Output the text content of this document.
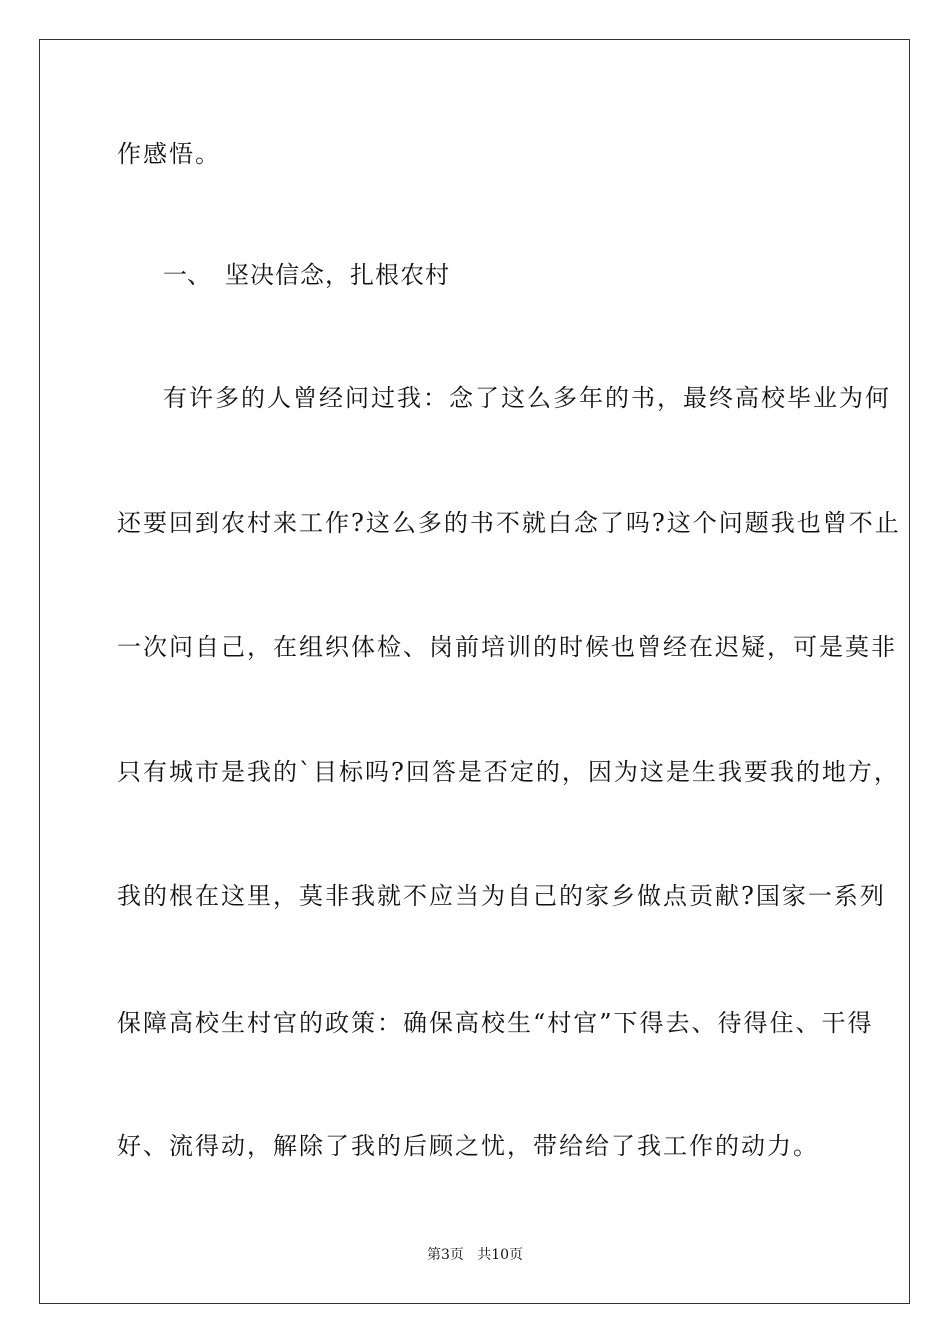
作感悟。
一、 坚决信念，扎根农村
有许多的人曾经问过我：念了这么多年的书，最终高校毕业为何
还要回到农村来工作?这么多的书不就白念了吗?这个问题我也曾不止
一次问自己，在组织体检、岗前培训的时候也曾经在迟疑，可是莫非
只有城市是我的`目标吗?回答是否定的，因为这是生我要我的地方，
我的根在这里，莫非我就不应当为自己的家乡做点贡献?国家一系列
保障高校生村官的政策：确保高校生“村官”下得去、待得住、干得
好、流得动，解除了我的后顾之忧，带给给了我工作的动力。
第3页   共10页
